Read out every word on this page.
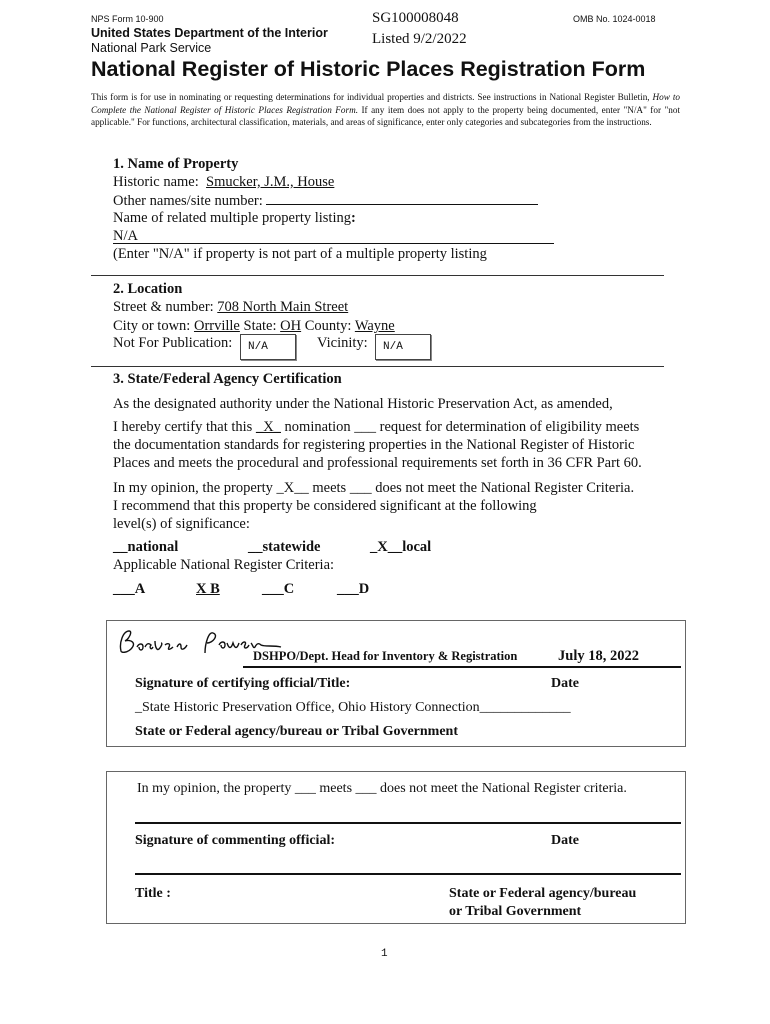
NPS Form 10-900
United States Department of the Interior
National Park Service
SG100008048
Listed 9/2/2022
OMB No. 1024-0018
National Register of Historic Places Registration Form
This form is for use in nominating or requesting determinations for individual properties and districts. See instructions in National Register Bulletin, How to Complete the National Register of Historic Places Registration Form. If any item does not apply to the property being documented, enter "N/A" for "not applicable." For functions, architectural classification, materials, and areas of significance, enter only categories and subcategories from the instructions.
1. Name of Property
Historic name: Smucker, J.M., House
Other names/site number:
Name of related multiple property listing:
N/A
(Enter "N/A" if property is not part of a multiple property listing
2. Location
Street & number: 708 North Main Street
City or town: Orrville State: OH County: Wayne
Not For Publication:	N/A	Vicinity:	N/A
3. State/Federal Agency Certification
As the designated authority under the National Historic Preservation Act, as amended,
I hereby certify that this _X_ nomination ___ request for determination of eligibility meets
the documentation standards for registering properties in the National Register of Historic
Places and meets the procedural and professional requirements set forth in 36 CFR Part 60.
In my opinion, the property _X__ meets ___ does not meet the National Register Criteria.
I recommend that this property be considered significant at the following
level(s) of significance:
__national	__statewide	_X__local
Applicable National Register Criteria:
___A	X B	___C	___D
DSHPO/Dept. Head for Inventory & Registration	July 18, 2022
Signature of certifying official/Title:	Date
_State Historic Preservation Office, Ohio History Connection_____________
State or Federal agency/bureau or Tribal Government
In my opinion, the property ___ meets ___ does not meet the National Register criteria.
Signature of commenting official:	Date
Title :	State or Federal agency/bureau
or Tribal Government
1
